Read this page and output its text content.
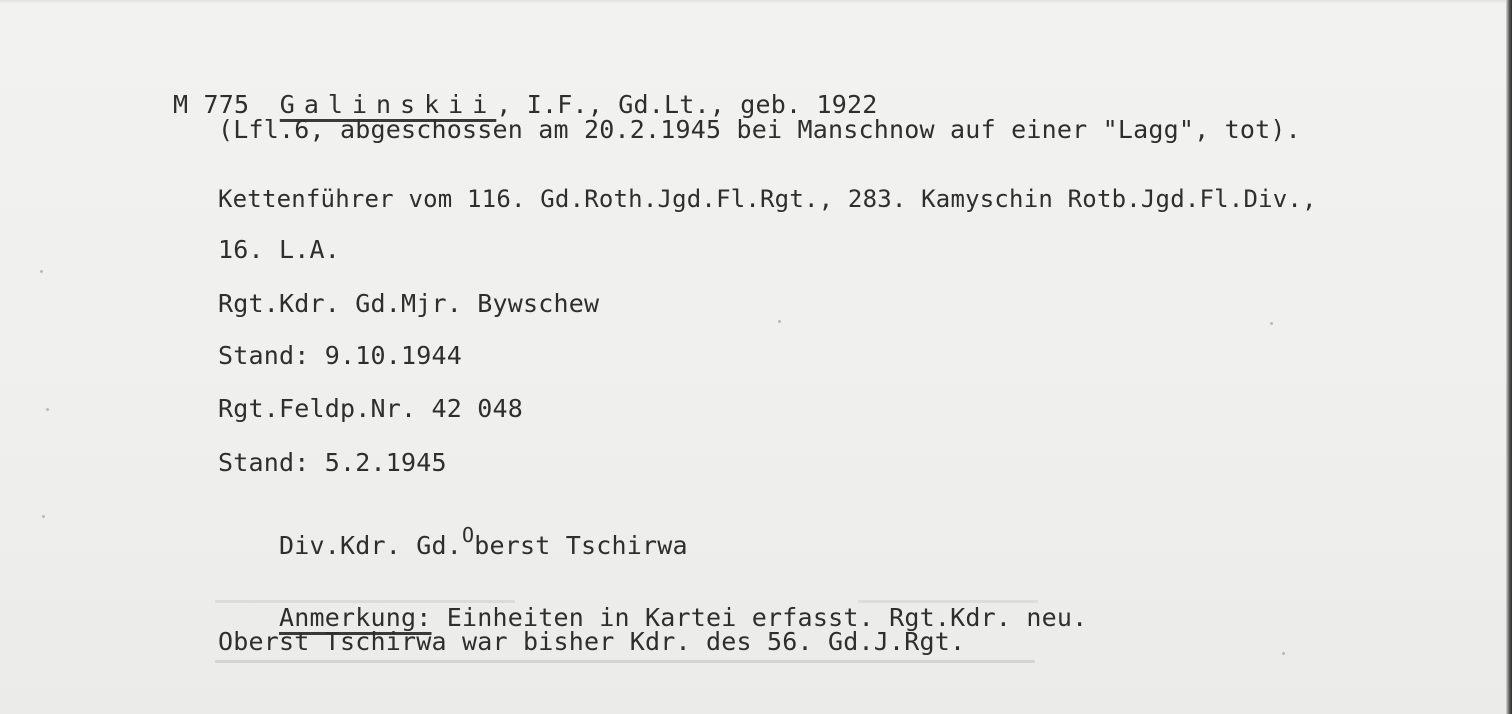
M 775 Galinskii, I.F., Gd.Lt., geb. 1922

(Lfl.6, abgeschossen am 20.2.1945 bei Manschnow auf einer "Lagg", tot).
Kettenführer vom 116. Gd.Roth.Jgd.Fl.Rgt., 283. Kamyschin Rotb.Jgd.Fl.Div.,
16. L.A.
Rgt.Kdr. Gd.Mjr. Bywschew
Stand: 9.10.1944
Rgt.Feldp.Nr. 42 048
Stand: 5.2.1945

Div.Kdr. Gd.$^O$berst Tschirwa

Anmerkung: Einheiten in Kartei erfasst. Rgt.Kdr. neu.

Oberst Tschirwa war bisher Kdr. des 56. Gd.J.Rgt.
